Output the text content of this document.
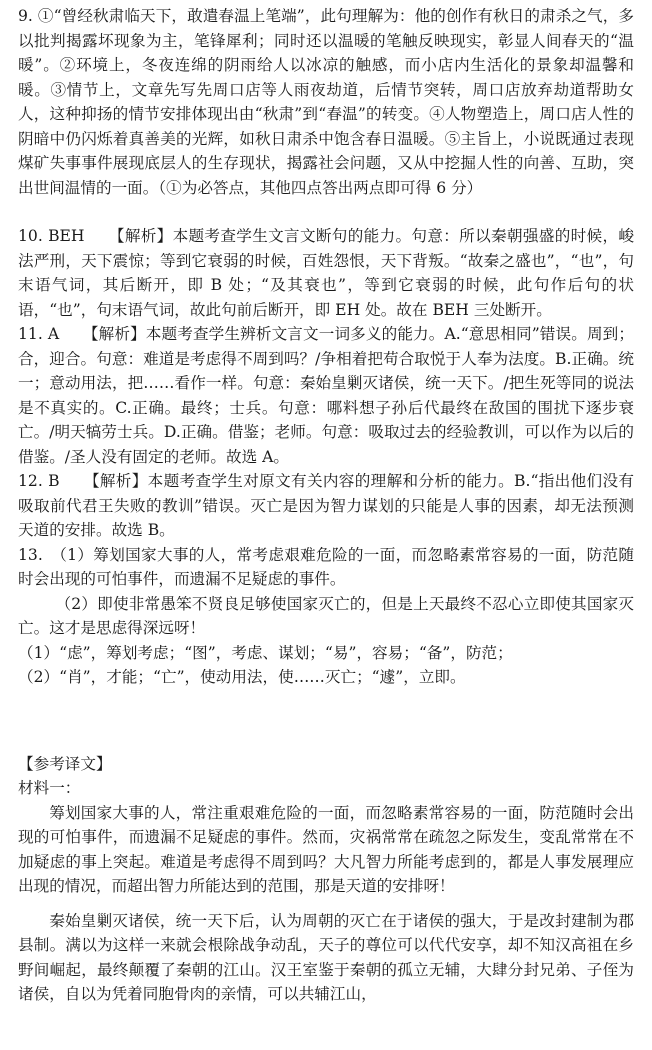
9. ①“曾经秋肃临天下，敢遣春温上笔端”，此句理解为：他的创作有秋日的肃杀之气，多以批判揭露坏现象为主，笔锋犀利；同时还以温暖的笔触反映现实，彰显人间春天的“温暖”。②环境上，冬夜连绵的阴雨给人以冰凉的触感，而小店内生活化的景象却温馨和暖。③情节上，文章先写先周口店等人雨夜劫道，后情节突转，周口店放弃劫道帮助女人，这种抑扬的情节安排体现出由“秋肃”到“春温”的转变。④人物塑造上，周口店人性的阴暗中仍闪烁着真善美的光辉，如秋日肃杀中饱含春日温暖。⑤主旨上，小说既通过表现煤矿失事事件展现底层人的生存现状，揭露社会问题，又从中挖掘人性的向善、互助，突出世间温情的一面。（①为必答点，其他四点答出两点即可得 6 分）

10. BEH　　【解析】本题考查学生文言文断句的能力。句意：所以秦朝强盛的时候，峻法严刑，天下震惊；等到它衰弱的时候，百姓怨恨，天下背叛。“故秦之盛也”，“也”，句末语气词，其后断开，即 B 处；“及其衰也”，等到它衰弱的时候，此句作后句的状语，“也”，句末语气词，故此句前后断开，即 EH 处。故在 BEH 三处断开。

11. A　　【解析】本题考查学生辨析文言文一词多义的能力。A.“意思相同”错误。周到；合，迎合。句意：难道是考虑得不周到吗？/争相着把苟合取悦于人奉为法度。B.正确。统一；意动用法，把……看作一样。句意：秦始皇剿灭诸侯，统一天下。/把生死等同的说法是不真实的。C.正确。最终；士兵。句意：哪料想子孙后代最终在敌国的围扰下逐步衰亡。/明天犒劳士兵。D.正确。借鉴；老师。句意：吸取过去的经验教训，可以作为以后的借鉴。/圣人没有固定的老师。故选 A。

12. B　　【解析】本题考查学生对原文有关内容的理解和分析的能力。B.“指出他们没有吸取前代君王失败的教训”错误。灭亡是因为智力谋划的只能是人事的因素，却无法预测天道的安排。故选 B。

13.　（1）筹划国家大事的人，常考虑艰难危险的一面，而忽略素常容易的一面，防范随时会出现的可怕事件，而遗漏不足疑虑的事件。

（2）即使非常愚笨不贤良足够使国家灭亡的，但是上天最终不忍心立即使其国家灭亡。这才是思虑得深远呀！

（1）“虑”，筹划考虑；“图”，考虑、谋划；“易”，容易；“备”，防范；

（2）“肖”，才能；“亡”，使动用法，使……灭亡；“遽”，立即。

【参考译文】

材料一：

筹划国家大事的人，常注重艰难危险的一面，而忽略素常容易的一面，防范随时会出现的可怕事件，而遗漏不足疑虑的事件。然而，灾祸常常在疏忽之际发生，变乱常常在不加疑虑的事上突起。难道是考虑得不周到吗？大凡智力所能考虑到的，都是人事发展理应出现的情况，而超出智力所能达到的范围，那是天道的安排呀！

秦始皇剿灭诸侯，统一天下后，认为周朝的灭亡在于诸侯的强大，于是改封建制为郡县制。满以为这样一来就会根除战争动乱，天子的尊位可以代代安享，却不知汉高祖在乡野间崛起，最终颠覆了秦朝的江山。汉王室鉴于秦朝的孤立无辅，大肆分封兄弟、子侄为诸侯，自以为凭着同胞骨肉的亲情，可以共辅江山，
